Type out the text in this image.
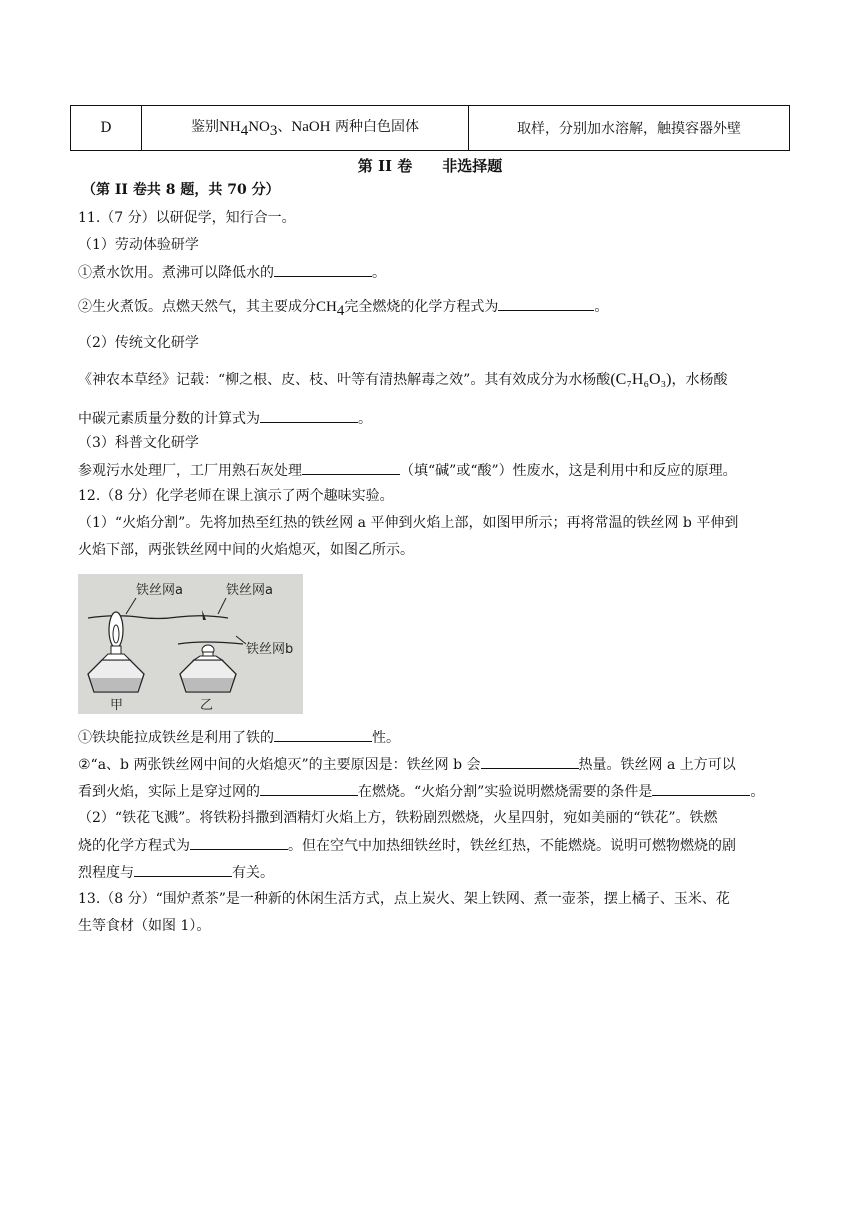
D	鉴别$NH_4NO_3$、NaOH 两种白色固体	取样，分别加水溶解，触摸容器外壁
第 II 卷　　非选择题
（第 II 卷共 8 题，共 70 分）
11.（7 分）以研促学，知行合一。
（1）劳动体验研学
①煮水饮用。煮沸可以降低水的	。
②生火煮饭。点燃天然气，其主要成分$CH_4$完全燃烧的化学方程式为	。
（2）传统文化研学
《神农本草经》记载：“柳之根、皮、枝、叶等有清热解毒之效”。其有效成分为水杨酸(C₇H₆O₃)，水杨酸
中碳元素质量分数的计算式为	。
（3）科普文化研学
参观污水处理厂，工厂用熟石灰处理	（填“碱”或“酸”）性废水，这是利用中和反应的原理。
12.（8 分）化学老师在课上演示了两个趣味实验。
（1）“火焰分割”。先将加热至红热的铁丝网 a 平伸到火焰上部，如图甲所示；再将常温的铁丝网 b 平伸到
火焰下部，两张铁丝网中间的火焰熄灭，如图乙所示。
铁丝网a	铁丝网a
铁丝网b
甲	乙
①铁块能拉成铁丝是利用了铁的	性。
②“a、b 两张铁丝网中间的火焰熄灭”的主要原因是：铁丝网 b 会	热量。铁丝网 a 上方可以
看到火焰，实际上是穿过网的	在燃烧。“火焰分割”实验说明燃烧需要的条件是	。
（2）“铁花飞溅”。将铁粉抖撒到酒精灯火焰上方，铁粉剧烈燃烧，火星四射，宛如美丽的“铁花”。铁燃
烧的化学方程式为	。但在空气中加热细铁丝时，铁丝红热，不能燃烧。说明可燃物燃烧的剧
烈程度与	有关。
13.（8 分）“围炉煮茶”是一种新的休闲生活方式，点上炭火、架上铁网、煮一壶茶，摆上橘子、玉米、花
生等食材（如图 1）。
